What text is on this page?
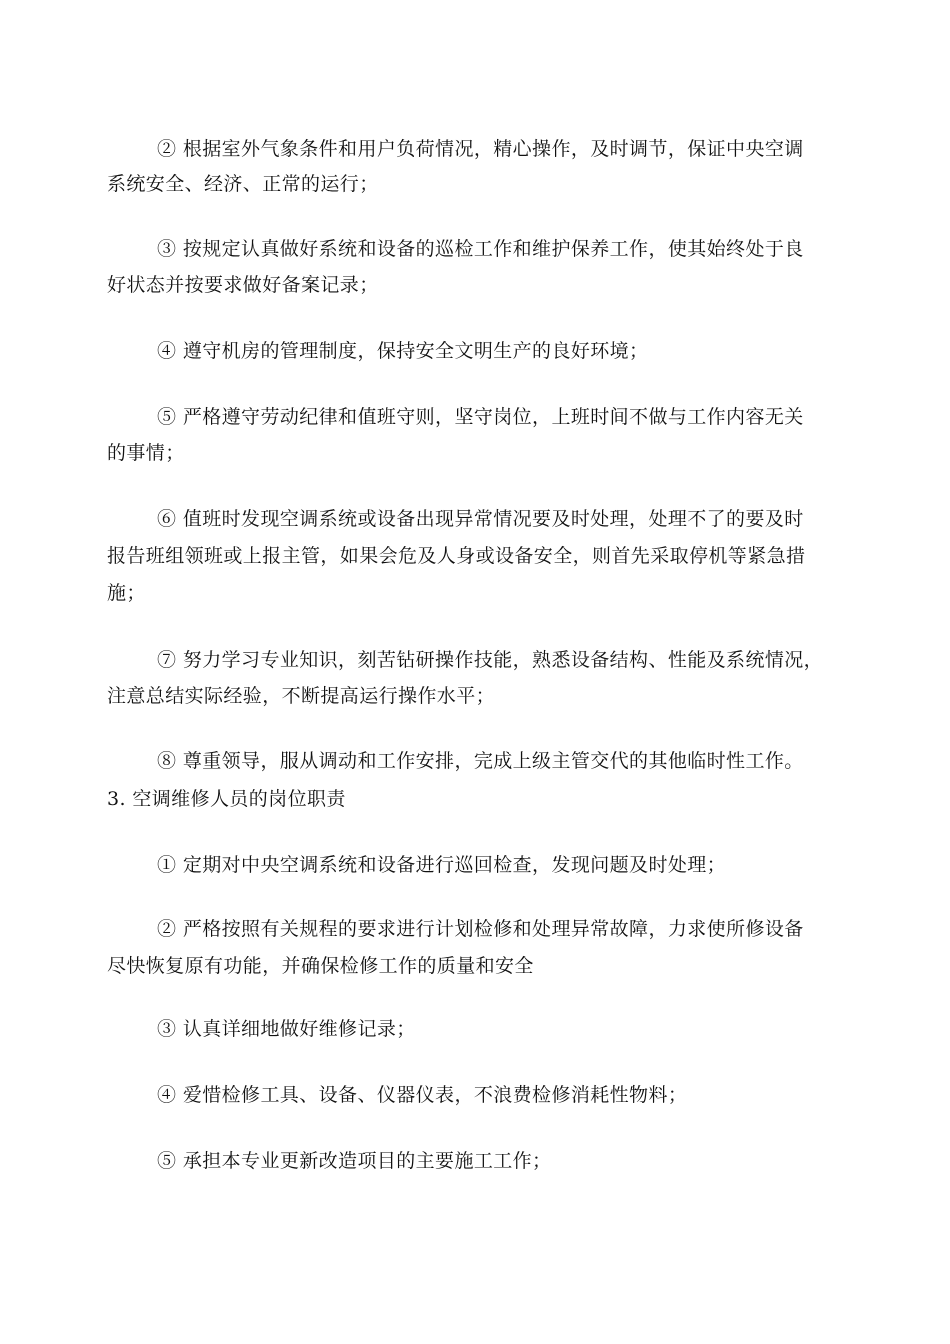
② 根据室外气象条件和用户负荷情况，精心操作，及时调节，保证中央空调
系统安全、经济、正常的运行；
③ 按规定认真做好系统和设备的巡检工作和维护保养工作，使其始终处于良
好状态并按要求做好备案记录；
④ 遵守机房的管理制度，保持安全文明生产的良好环境；
⑤ 严格遵守劳动纪律和值班守则，坚守岗位，上班时间不做与工作内容无关
的事情；
⑥ 值班时发现空调系统或设备出现异常情况要及时处理，处理不了的要及时
报告班组领班或上报主管，如果会危及人身或设备安全，则首先采取停机等紧急措
施；
⑦ 努力学习专业知识，刻苦钻研操作技能，熟悉设备结构、性能及系统情况，
注意总结实际经验，不断提高运行操作水平；
⑧ 尊重领导，服从调动和工作安排，完成上级主管交代的其他临时性工作。
3. 空调维修人员的岗位职责
① 定期对中央空调系统和设备进行巡回检查，发现问题及时处理；
② 严格按照有关规程的要求进行计划检修和处理异常故障，力求使所修设备
尽快恢复原有功能，并确保检修工作的质量和安全
③ 认真详细地做好维修记录；
④ 爱惜检修工具、设备、仪器仪表，不浪费检修消耗性物料；
⑤ 承担本专业更新改造项目的主要施工工作；
